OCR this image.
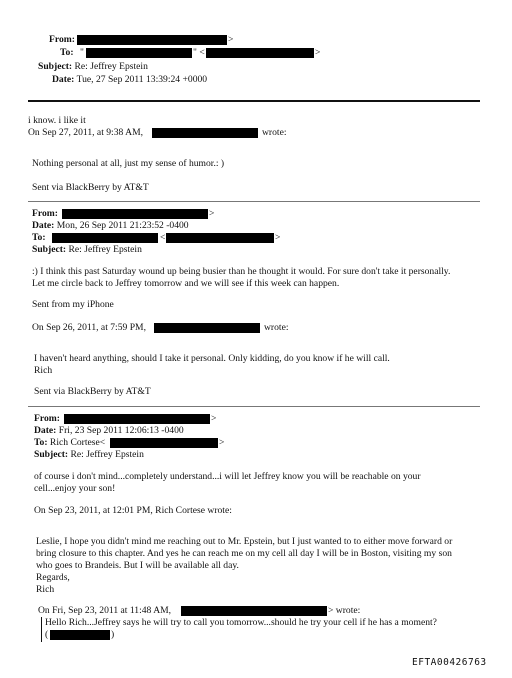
From:	>
To: "	" <	>
Subject: Re: Jeffrey Epstein
Date: Tue, 27 Sep 2011 13:39:24 +0000
i know. i like it
On Sep 27, 2011, at 9:38 AM,	wrote:
Nothing personal at all, just my sense of humor.: )
Sent via BlackBerry by AT&T
From:	>
Date: Mon, 26 Sep 2011 21:23:52 -0400
To:	<	>
Subject: Re: Jeffrey Epstein
:) I think this past Saturday wound up being busier than he thought it would. For sure don't take it personally.
Let me circle back to Jeffrey tomorrow and we will see if this week can happen.
Sent from my iPhone
On Sep 26, 2011, at 7:59 PM,	wrote:
I haven't heard anything, should I take it personal. Only kidding, do you know if he will call.
Rich
Sent via BlackBerry by AT&T
From:	>
Date: Fri, 23 Sep 2011 12:06:13 -0400
To: Rich Cortese<	>
Subject: Re: Jeffrey Epstein
of course i don't mind...completely understand...i will let Jeffrey know you will be reachable on your
cell...enjoy your son!
On Sep 23, 2011, at 12:01 PM, Rich Cortese wrote:
Leslie, I hope you didn't mind me reaching out to Mr. Epstein, but I just wanted to to either move forward or
bring closure to this chapter. And yes he can reach me on my cell all day I will be in Boston, visiting my son
who goes to Brandeis. But I will be available all day.
Regards,
Rich
On Fri, Sep 23, 2011 at 11:48 AM,	> wrote:
Hello Rich...Jeffrey says he will try to call you tomorrow...should he try your cell if he has a moment?
(	)
EFTA00426763
